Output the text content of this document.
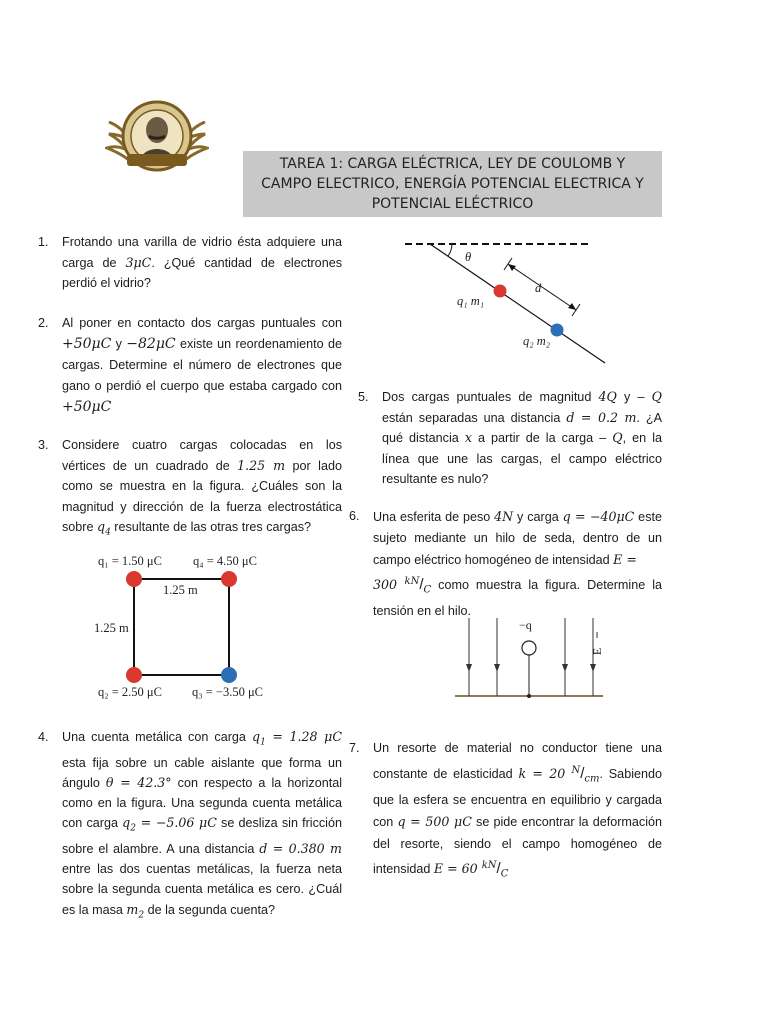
TAREA 1: CARGA ELÉCTRICA, LEY DE COULOMB Y
CAMPO ELECTRICO, ENERGÍA POTENCIAL ELECTRICA Y
POTENCIAL ELÉCTRICO
1. Frotando una varilla de vidrio ésta adquiere una carga de 3μC. ¿Qué cantidad de electrones perdió el vidrio?
2. Al poner en contacto dos cargas puntuales con +50μC y −82μC existe un reordenamiento de cargas. Determine el número de electrones que gano o perdió el cuerpo que estaba cargado con +50μC
3. Considere cuatro cargas colocadas en los vértices de un cuadrado de 1.25 m por lado como se muestra en la figura. ¿Cuáles son la magnitud y dirección de la fuerza electrostática sobre $q_4$ resultante de las otras tres cargas?
q₁ = 1.50 μC q₄ = 4.50 μC
1.25 m
1.25 m
q₂ = 2.50 μC q₃ = −3.50 μC
4. Una cuenta metálica con carga $q_1 = 1.28$ μC esta fija sobre un cable aislante que forma un ángulo θ = 42.3° con respecto a la horizontal como en la figura. Una segunda cuenta metálica con carga $q_2 = -5.06$ μC se desliza sin fricción sobre el alambre. A una distancia d = 0.380 m entre las dos cuentas metálicas, la fuerza neta sobre la segunda cuenta metálica es cero. ¿Cuál es la masa $m_2$ de la segunda cuenta?
θ
d
q₁ m₁
q₂ m₂
5. Dos cargas puntuales de magnitud 4Q y – Q están separadas una distancia d = 0.2 m. ¿A qué distancia x a partir de la carga – Q, en la línea que une las cargas, el campo eléctrico resultante es nulo?
6. Una esferita de peso 4N y carga q = −40μC este sujeto mediante un hilo de seda, dentro de un campo eléctrico homogéneo de intensidad E =
300 $^{kN}/_C$ como muestra la figura. Determine la tensión en el hilo.
−q
E
7. Un resorte de material no conductor tiene una constante de elasticidad k = 20 $^N/_{cm}$. Sabiendo que la esfera se encuentra en equilibrio y cargada con q = 500 μC se pide encontrar la deformación del resorte, siendo el campo homogéneo de intensidad E = 60 $^{kN}/_C$
